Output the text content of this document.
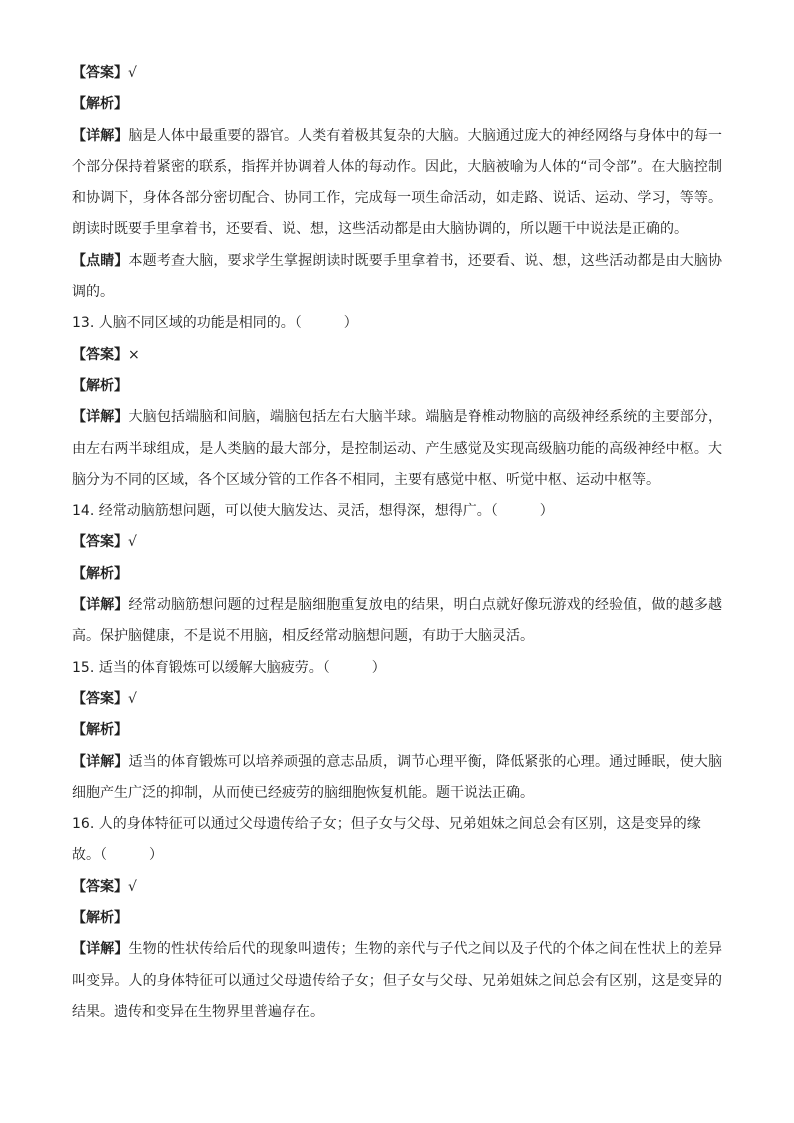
【答案】√
【解析】

【详解】脑是人体中最重要的器官。人类有着极其复杂的大脑。大脑通过庞大的神经网络与身体中的每一个部分保持着紧密的联系，指挥并协调着人体的每动作。因此，大脑被喻为人体的“司令部”。在大脑控制和协调下，身体各部分密切配合、协同工作，完成每一项生命活动，如走路、说话、运动、学习，等等。朗读时既要手里拿着书，还要看、说、想，这些活动都是由大脑协调的，所以题干中说法是正确的。

【点睛】本题考查大脑，要求学生掌握朗读时既要手里拿着书，还要看、说、想，这些活动都是由大脑协调的。

13. 人脑不同区域的功能是相同的。（　　　）

【答案】×
【解析】

【详解】大脑包括端脑和间脑，端脑包括左右大脑半球。端脑是脊椎动物脑的高级神经系统的主要部分，由左右两半球组成，是人类脑的最大部分，是控制运动、产生感觉及实现高级脑功能的高级神经中枢。大脑分为不同的区域，各个区域分管的工作各不相同，主要有感觉中枢、听觉中枢、运动中枢等。

14. 经常动脑筋想问题，可以使大脑发达、灵活，想得深，想得广。（　　　）

【答案】√
【解析】

【详解】经常动脑筋想问题的过程是脑细胞重复放电的结果，明白点就好像玩游戏的经验值，做的越多越高。保护脑健康，不是说不用脑，相反经常动脑想问题，有助于大脑灵活。

15. 适当的体育锻炼可以缓解大脑疲劳。（　　　）

【答案】√
【解析】

【详解】适当的体育锻炼可以培养顽强的意志品质，调节心理平衡，降低紧张的心理。通过睡眠，使大脑细胞产生广泛的抑制，从而使已经疲劳的脑细胞恢复机能。题干说法正确。

16. 人的身体特征可以通过父母遗传给子女；但子女与父母、兄弟姐妹之间总会有区别，这是变异的缘故。（　　　）

【答案】√
【解析】

【详解】生物的性状传给后代的现象叫遗传；生物的亲代与子代之间以及子代的个体之间在性状上的差异叫变异。人的身体特征可以通过父母遗传给子女；但子女与父母、兄弟姐妹之间总会有区别，这是变异的结果。遗传和变异在生物界里普遍存在。
